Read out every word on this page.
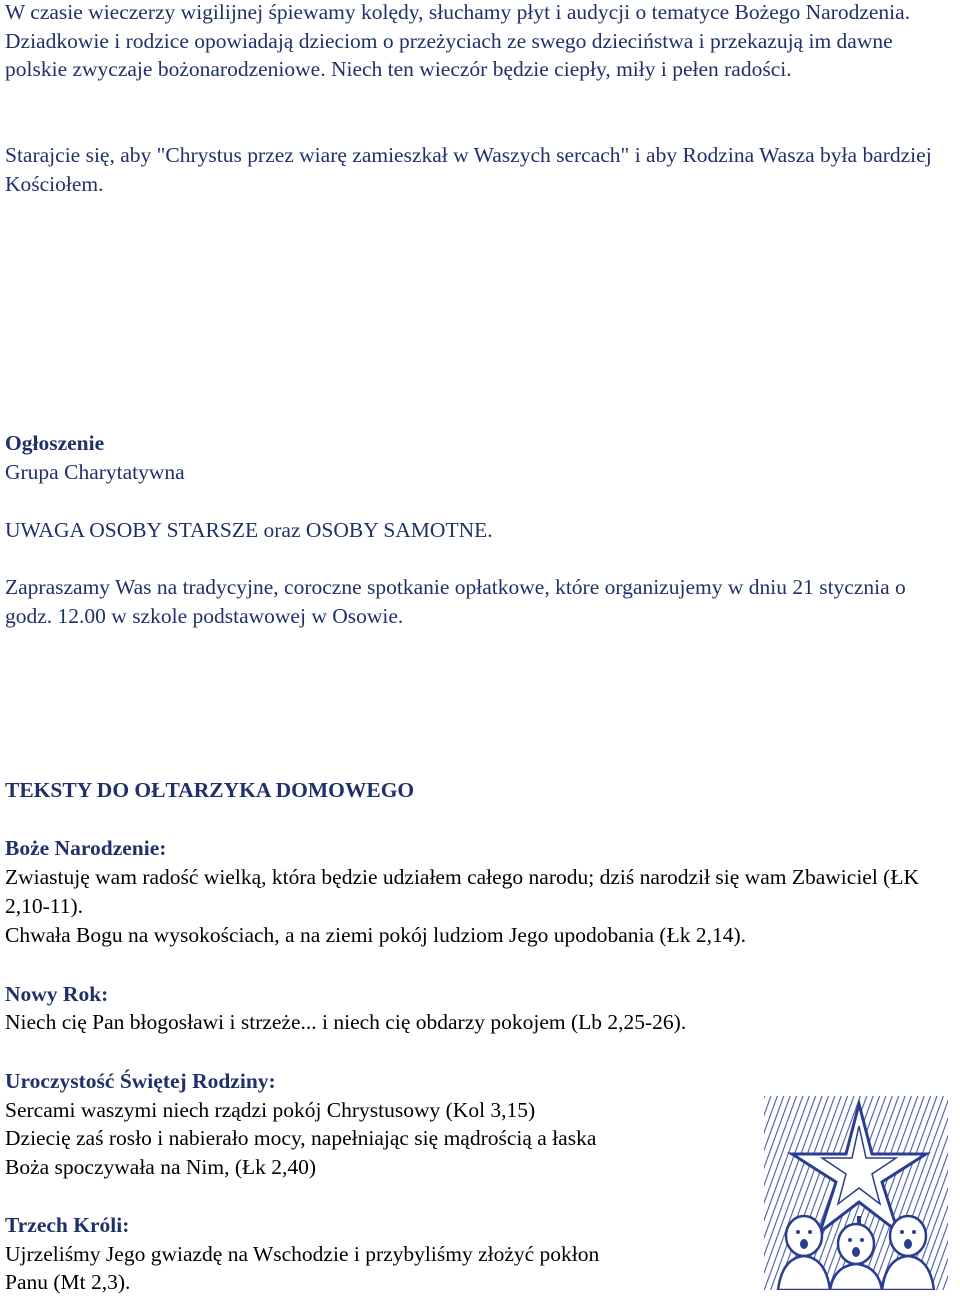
W czasie wieczerzy wigilijnej śpiewamy kolędy, słuchamy płyt i audycji o tematyce Bożego Narodzenia. Dziadkowie i rodzice opowiadają dzieciom o przeżyciach ze swego dzieciństwa i przekazują im dawne polskie zwyczaje bożonarodzeniowe. Niech ten wieczór będzie ciepły, miły i pełen radości.

Starajcie się, aby "Chrystus przez wiarę zamieszkał w Waszych sercach" i aby Rodzina Wasza była bardziej Kościołem.

Ogłoszenie

Grupa Charytatywna

UWAGA OSOBY STARSZE oraz OSOBY SAMOTNE.

Zapraszamy Was na tradycyjne, coroczne spotkanie opłatkowe, które organizujemy w dniu 21 stycznia o godz. 12.00 w szkole podstawowej w Osowie.

TEKSTY DO OŁTARZYKA DOMOWEGO

Boże Narodzenie:

Zwiastuję wam radość wielką, która będzie udziałem całego narodu; dziś narodził się wam Zbawiciel (ŁK 2,10-11).

Chwała Bogu na wysokościach, a na ziemi pokój ludziom Jego upodobania (Łk 2,14).

Nowy Rok:

Niech cię Pan błogosławi i strzeże... i niech cię obdarzy pokojem (Lb 2,25-26).

Uroczystość Świętej Rodziny:

Sercami waszymi niech rządzi pokój Chrystusowy (Kol 3,15)

Dziecię zaś rosło i nabierało mocy, napełniając się mądrością a łaska

Boża spoczywała na Nim, (Łk 2,40)

Trzech Króli:

Ujrzeliśmy Jego gwiazdę na Wschodzie i przybyliśmy złożyć pokłon

Panu (Mt 2,3).
